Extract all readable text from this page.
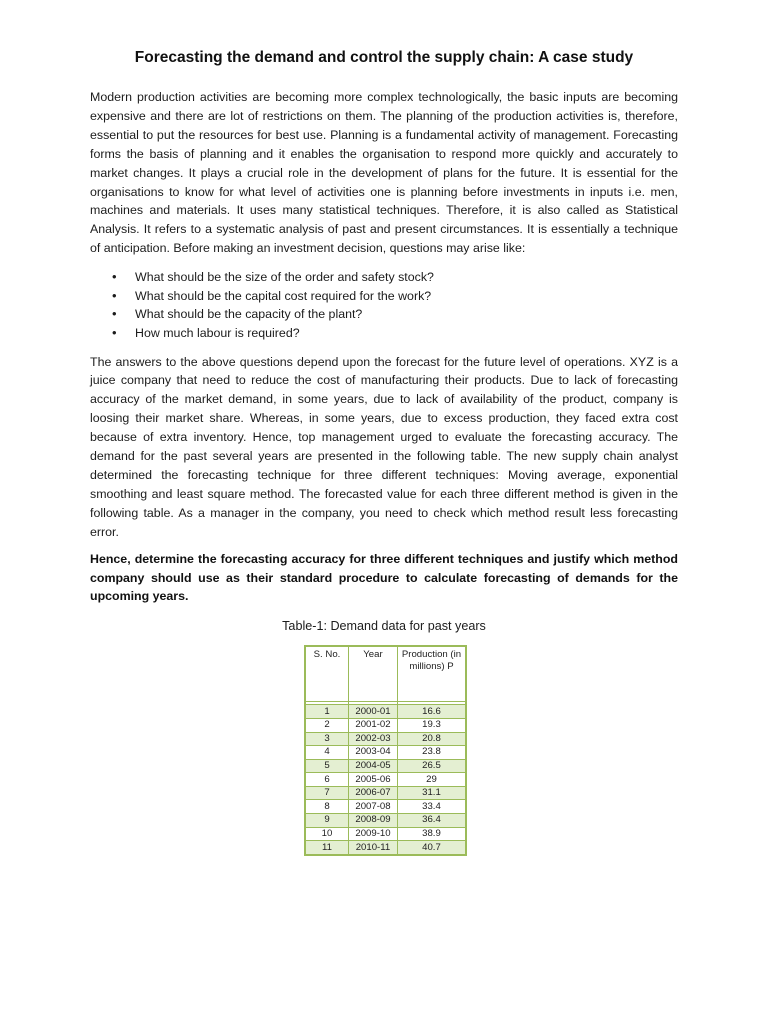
Forecasting the demand and control the supply chain: A case study

Modern production activities are becoming more complex technologically, the basic inputs are becoming expensive and there are lot of restrictions on them. The planning of the production activities is, therefore, essential to put the resources for best use. Planning is a fundamental activity of management. Forecasting forms the basis of planning and it enables the organisation to respond more quickly and accurately to market changes. It plays a crucial role in the development of plans for the future. It is essential for the organisations to know for what level of activities one is planning before investments in inputs i.e. men, machines and materials. It uses many statistical techniques. Therefore, it is also called as Statistical Analysis. It refers to a systematic analysis of past and present circumstances. It is essentially a technique of anticipation. Before making an investment decision, questions may arise like:

• What should be the size of the order and safety stock?
• What should be the capital cost required for the work?
• What should be the capacity of the plant?
• How much labour is required?

The answers to the above questions depend upon the forecast for the future level of operations. XYZ is a juice company that need to reduce the cost of manufacturing their products. Due to lack of forecasting accuracy of the market demand, in some years, due to lack of availability of the product, company is loosing their market share. Whereas, in some years, due to excess production, they faced extra cost because of extra inventory. Hence, top management urged to evaluate the forecasting accuracy. The demand for the past several years are presented in the following table. The new supply chain analyst determined the forecasting technique for three different techniques: Moving average, exponential smoothing and least square method. The forecasted value for each three different method is given in the following table. As a manager in the company, you need to check which method result less forecasting error.

Hence, determine the forecasting accuracy for three different techniques and justify which method company should use as their standard procedure to calculate forecasting of demands for the upcoming years.

Table-1: Demand data for past years

S. No.	Year	Production (in millions) P

1	2000-01	16.6
2	2001-02	19.3
3	2002-03	20.8
4	2003-04	23.8
5	2004-05	26.5
6	2005-06	29
7	2006-07	31.1
8	2007-08	33.4
9	2008-09	36.4
10	2009-10	38.9
11	2010-11	40.7
